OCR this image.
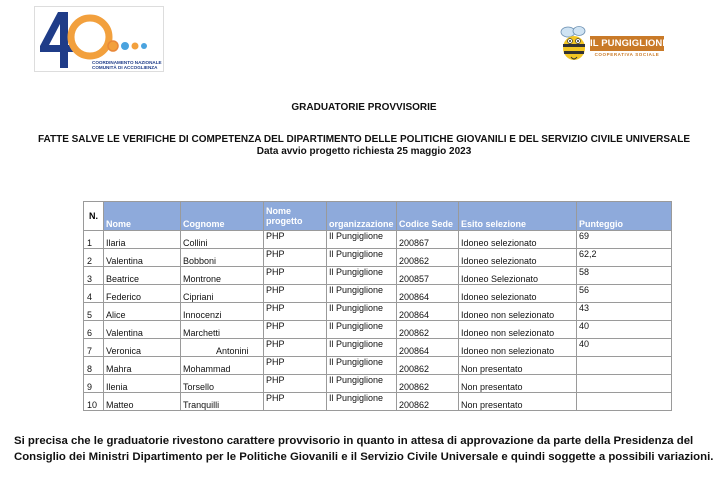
COORDINAMENTO NAZIONALE
COMUNITÀ DI ACCOGLIENZA
IL PUNGIGLIONE
COOPERATIVA SOCIALE
GRADUATORIE PROVVISORIE
FATTE SALVE LE VERIFICHE DI COMPETENZA DEL DIPARTIMENTO DELLE POLITICHE GIOVANILI E DEL SERVIZIO CIVILE UNIVERSALE
Data avvio progetto richiesta 25 maggio 2023
N.	Nome	Cognome	Nome progetto	organizzazione	Codice Sede	Esito selezione	Punteggio
1	Ilaria	Collini	PHP	Il Pungiglione	200867	Idoneo selezionato	69
2	Valentina	Bobboni	PHP	Il Pungiglione	200862	Idoneo selezionato	62,2
3	Beatrice	Montrone	PHP	Il Pungiglione	200857	Idoneo Selezionato	58
4	Federico	Cipriani	PHP	Il Pungiglione	200864	Idoneo selezionato	56
5	Alice	Innocenzi	PHP	Il Pungiglione	200864	Idoneo non selezionato	43
6	Valentina	Marchetti	PHP	Il Pungiglione	200862	Idoneo non selezionato	40
7	Veronica	Antonini	PHP	Il Pungiglione	200864	Idoneo non selezionato	40
8	Mahra	Mohammad	PHP	Il Pungiglione	200862	Non presentato	
9	Ilenia	Torsello	PHP	Il Pungiglione	200862	Non presentato	
10	Matteo	Tranquilli	PHP	Il Pungiglione	200862	Non presentato	
Si precisa che le graduatorie rivestono carattere provvisorio in quanto in attesa di approvazione da parte della Presidenza del Consiglio dei Ministri Dipartimento per le Politiche Giovanili e il Servizio Civile Universale e quindi soggette a possibili variazioni.
